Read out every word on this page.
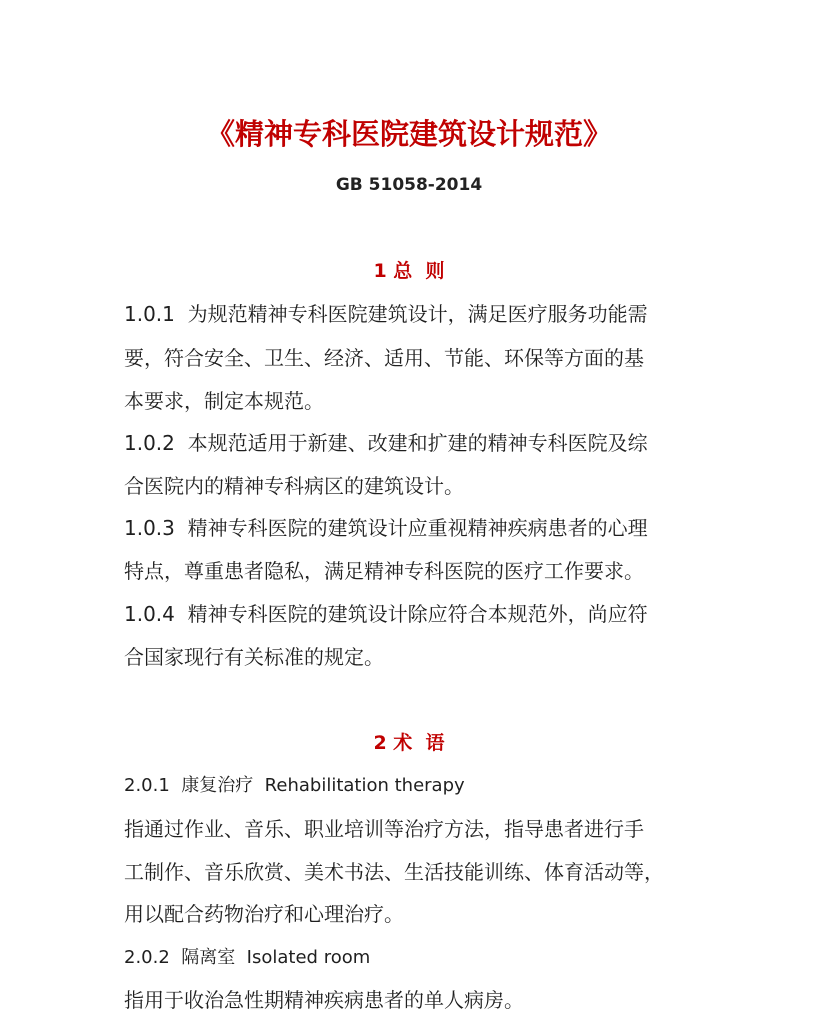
《精神专科医院建筑设计规范》
GB 51058-2014
1 总  则
1.0.1  为规范精神专科医院建筑设计，满足医疗服务功能需
要，符合安全、卫生、经济、适用、节能、环保等方面的基
本要求，制定本规范。
1.0.2  本规范适用于新建、改建和扩建的精神专科医院及综
合医院内的精神专科病区的建筑设计。
1.0.3  精神专科医院的建筑设计应重视精神疾病患者的心理
特点，尊重患者隐私，满足精神专科医院的医疗工作要求。
1.0.4  精神专科医院的建筑设计除应符合本规范外，尚应符
合国家现行有关标准的规定。
2 术  语
2.0.1  康复治疗  Rehabilitation therapy
指通过作业、音乐、职业培训等治疗方法，指导患者进行手
工制作、音乐欣赏、美术书法、生活技能训练、体育活动等，
用以配合药物治疗和心理治疗。
2.0.2  隔离室  Isolated room
指用于收治急性期精神疾病患者的单人病房。
